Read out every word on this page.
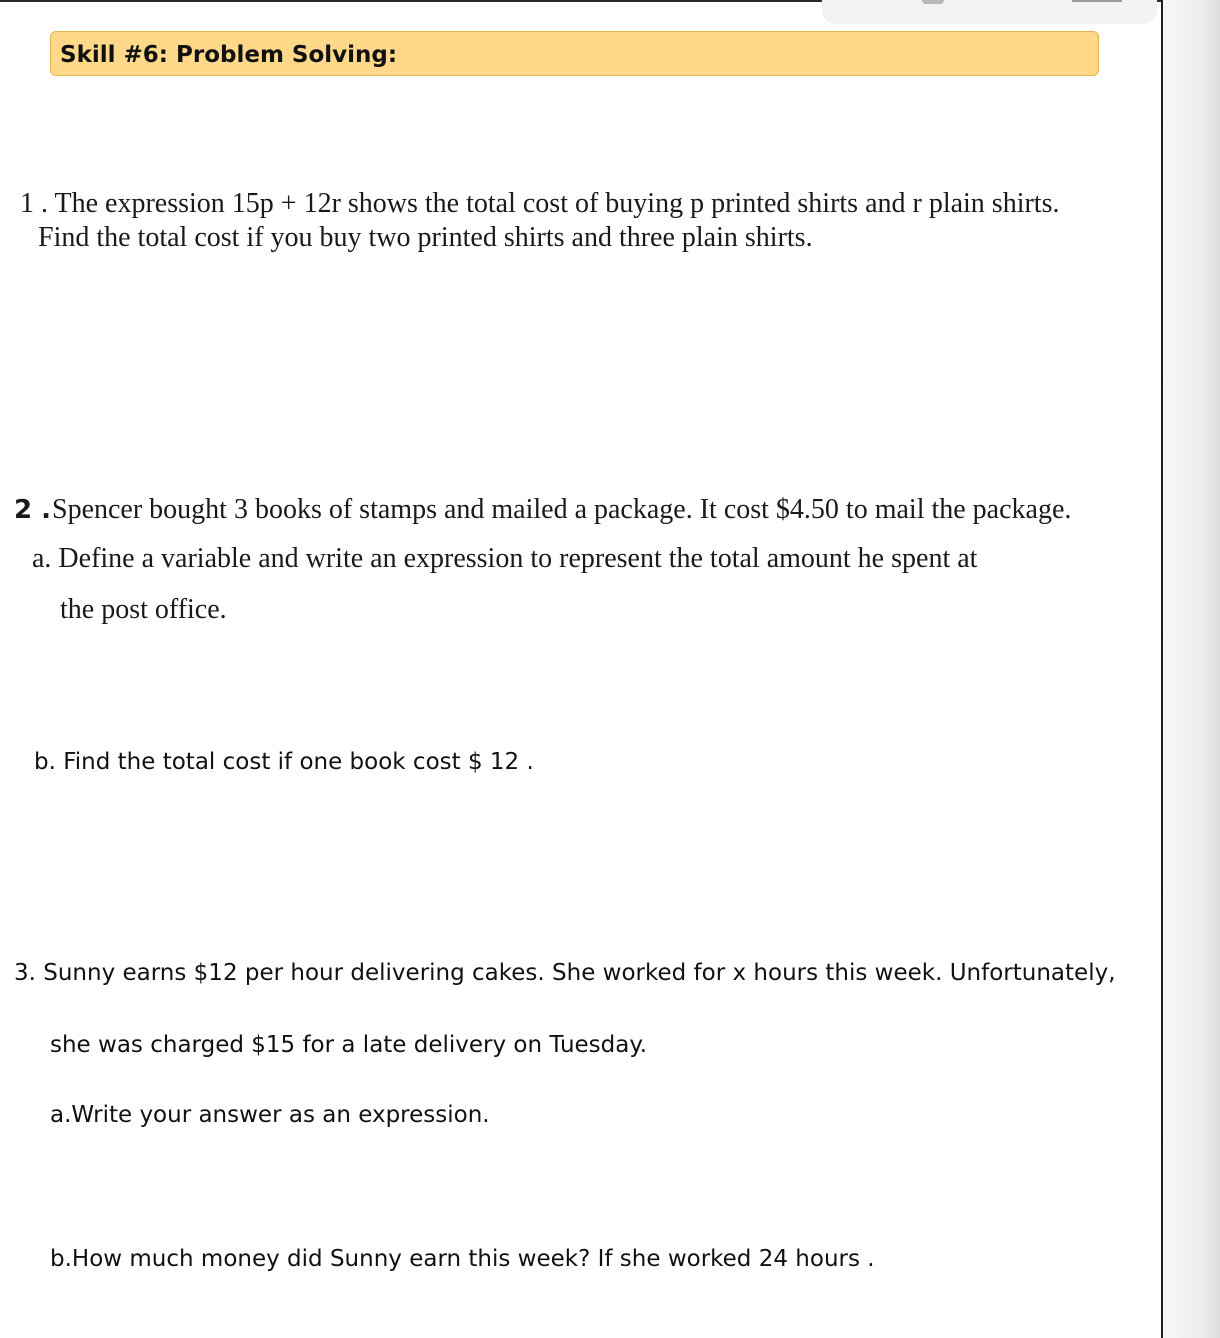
Skill #6: Problem Solving:
1 . The expression 15p + 12r shows the total cost of buying p printed shirts and r plain shirts.
Find the total cost if you buy two printed shirts and three plain shirts.
2 . Spencer bought 3 books of stamps and mailed a package. It cost $4.50 to mail the package.
a. Define a variable and write an expression to represent the total amount he spent at
the post office.
b. Find the total cost if one book cost $ 12 .
3. Sunny earns $12 per hour delivering cakes. She worked for x hours this week. Unfortunately,
she was charged $15 for a late delivery on Tuesday.
a.Write your answer as an expression.
b.How much money did Sunny earn this week? If she worked 24 hours .
